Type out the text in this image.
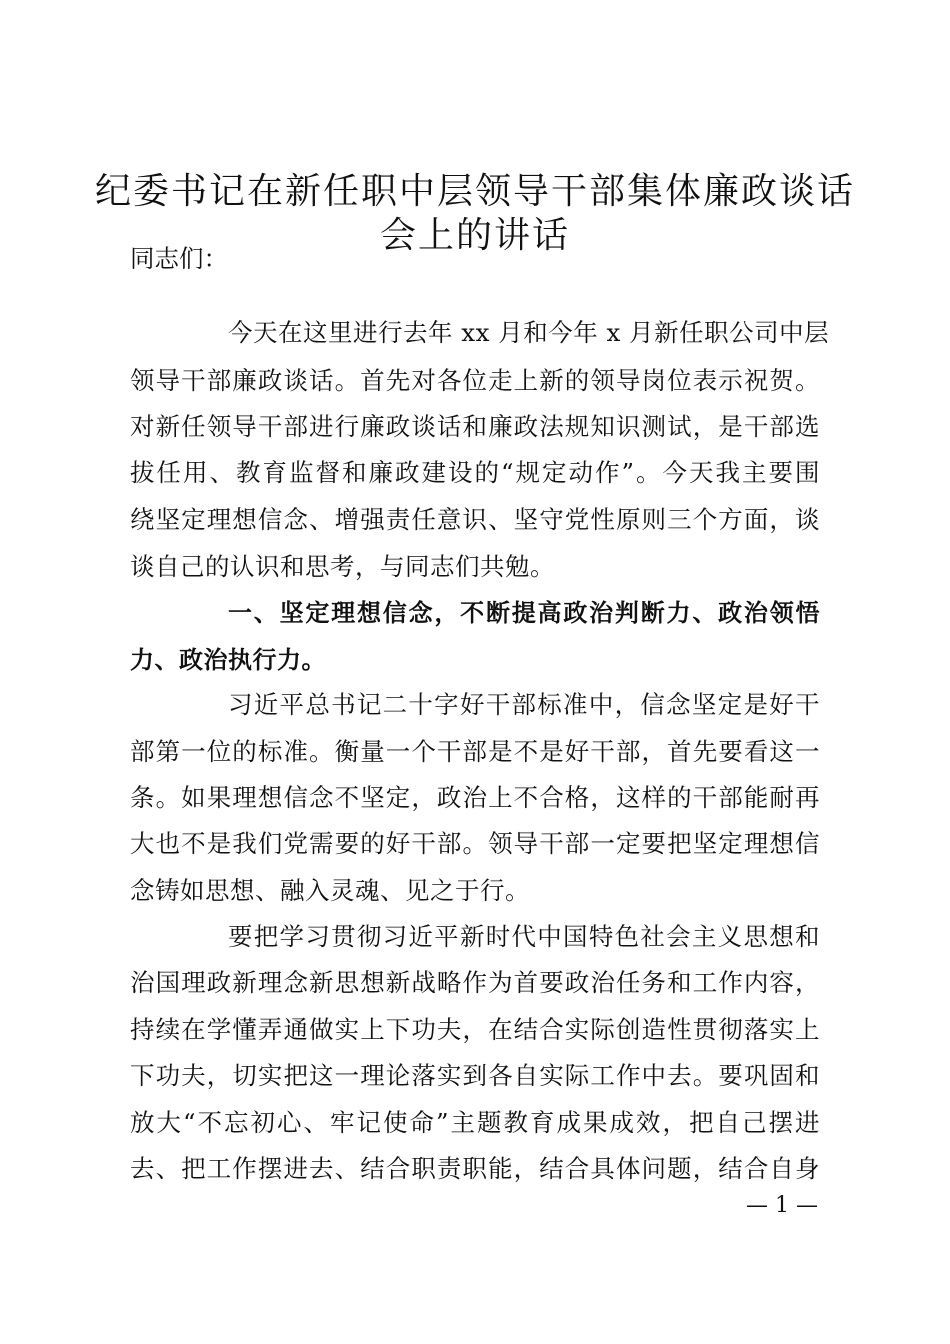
纪委书记在新任职中层领导干部集体廉政谈话
会上的讲话
同志们：
今天在这里进行去年 xx 月和今年 x 月新任职公司中层
领导干部廉政谈话。首先对各位走上新的领导岗位表示祝贺。
对新任领导干部进行廉政谈话和廉政法规知识测试，是干部选
拔任用、教育监督和廉政建设的“规定动作”。今天我主要围
绕坚定理想信念、增强责任意识、坚守党性原则三个方面，谈
谈自己的认识和思考，与同志们共勉。
一、坚定理想信念，不断提高政治判断力、政治领悟
力、政治执行力。
习近平总书记二十字好干部标准中，信念坚定是好干
部第一位的标准。衡量一个干部是不是好干部，首先要看这一
条。如果理想信念不坚定，政治上不合格，这样的干部能耐再
大也不是我们党需要的好干部。领导干部一定要把坚定理想信
念铸如思想、融入灵魂、见之于行。
要把学习贯彻习近平新时代中国特色社会主义思想和
治国理政新理念新思想新战略作为首要政治任务和工作内容，
持续在学懂弄通做实上下功夫，在结合实际创造性贯彻落实上
下功夫，切实把这一理论落实到各自实际工作中去。要巩固和
放大“不忘初心、牢记使命”主题教育成果成效，把自己摆进
去、把工作摆进去、结合职责职能，结合具体问题，结合自身
— 1 —
